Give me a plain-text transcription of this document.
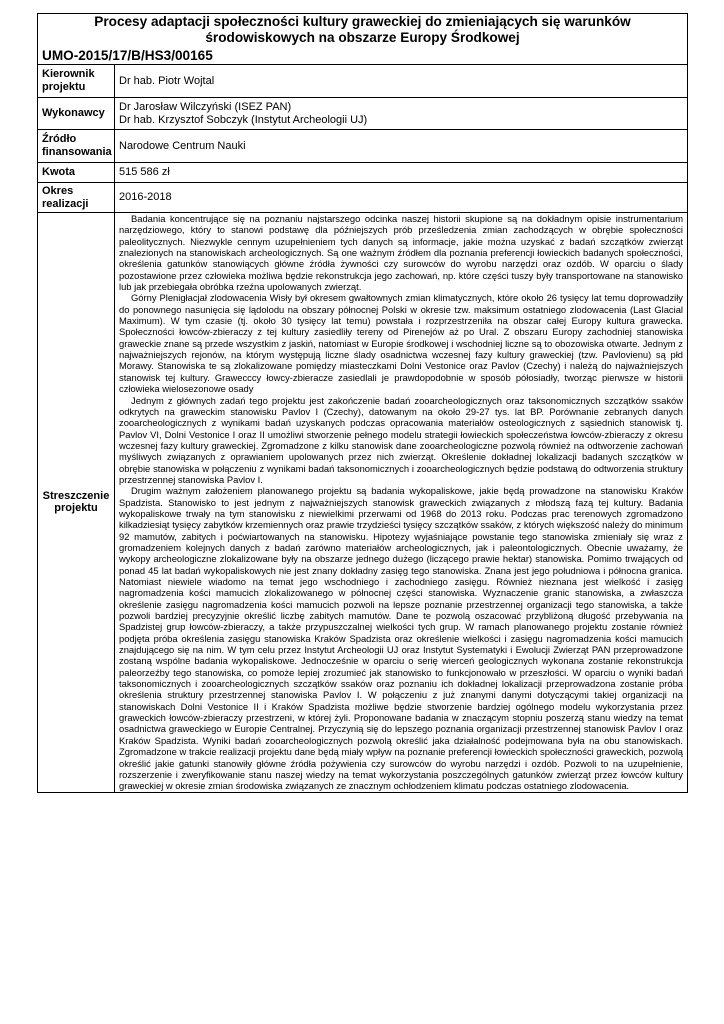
Procesy adaptacji społeczności kultury graweckiej do zmieniających się warunków środowiskowych na obszarze Europy Środkowej

UMO-2015/17/B/HS3/00165	

Kierownik projektu	Dr hab. Piotr Wojtal
Wykonawcy	Dr Jarosław Wilczyński (ISEZ PAN)
Dr hab. Krzysztof Sobczyk (Instytut Archeologii UJ)

Źródło finansowania	Narodowe Centrum Nauki
Kwota	515 586 zł
Okres realizacji	2016-2018
Streszczenie projektu	Badania koncentrujące się na poznaniu najstarszego odcinka naszej historii skupione są na dokładnym opisie instrumentarium narzędziowego, który to stanowi podstawę dla późniejszych prób prześledzenia zmian zachodzących w obrębie społeczności paleolitycznych. Niezwykle cennym uzupełnieniem tych danych są informacje, jakie można uzyskać z badań szczątków zwierząt znalezionych na stanowiskach archeologicznych. Są one ważnym źródłem dla poznania preferencji łowieckich badanych społeczności, określenia gatunków stanowiących główne źródła żywności czy surowców do wyrobu narzędzi oraz ozdób. W oparciu o ślady pozostawione przez człowieka możliwa będzie rekonstrukcja jego zachowań, np. które części tuszy były transportowane na stanowisko lub jak przebiegała obróbka rzeźna upolowanych zwierząt.

Górny Plenigłacjał zlodowacenia Wisły był okresem gwałtownych zmian klimatycznych, które około 26 tysięcy lat temu doprowadziły do ponownego nasunięcia się lądolodu na obszary północnej Polski w okresie tzw. maksimum ostatniego zlodowacenia (Last Glacial Maximum). W tym czasie (tj. około 30 tysięcy lat temu) powstała i rozprzestrzeniła na obszar całej Europy kultura grawecka. Społeczności łowców-zbieraczy z tej kultury zasiedliły tereny od Pirenejów aż po Ural. Z obszaru Europy zachodniej stanowiska graweckie znane są przede wszystkim z jaskiń, natomiast w Europie środkowej i wschodniej liczne są to obozowiska otwarte. Jednym z najważniejszych rejonów, na którym występują liczne ślady osadnictwa wczesnej fazy kultury graweckiej (tzw. Pavlovienu) są płd Morawy. Stanowiska te są zlokalizowane pomiędzy miasteczkami Dolni Vestonice oraz Pavlov (Czechy) i należą do najważniejszych stanowisk tej kultury. Grawecccy łowcy-zbieracze zasiedlali je prawdopodobnie w sposób półosiadły, tworząc pierwsze w historii człowieka wielosezonowe osady

Jednym z głównych zadań tego projektu jest zakończenie badań zooarcheologicznych oraz taksonomicznych szczątków ssaków odkrytych na graweckim stanowisku Pavlov I (Czechy), datowanym na około 29-27 tys. lat BP. Porównanie zebranych danych zooarcheologicznych z wynikami badań uzyskanych podczas opracowania materiałów osteologicznych z sąsiednich stanowisk tj. Pavlov VI, Dolni Vestonice I oraz II umożliwi stworzenie pełnego modelu strategii łowieckich społeczeństwa łowców-zbieraczy z okresu wczesnej fazy kultury graweckiej. Zgromadzone z kilku stanowisk dane zooarcheologiczne pozwolą również na odtworzenie zachowań myśliwych związanych z oprawianiem upolowanych przez nich zwierząt. Określenie dokładnej lokalizacji badanych szczątków w obrębie stanowiska w połączeniu z wynikami badań taksonomicznych i zooarcheologicznych będzie podstawą do odtworzenia struktury przestrzennej stanowiska Pavlov I.

Drugim ważnym założeniem planowanego projektu są badania wykopaliskowe, jakie będą prowadzone na stanowisku Kraków Spadzista. Stanowisko to jest jednym z najważniejszych stanowisk graweckich związanych z młodszą fazą tej kultury. Badania wykopaliskowe trwały na tym stanowisku z niewielkimi przerwami od 1968 do 2013 roku. Podczas prac terenowych zgromadzono kilkadziesiąt tysięcy zabytków krzemiennych oraz prawie trzydzieści tysięcy szczątków ssaków, z których większość należy do minimum 92 mamutów, zabitych i poćwiartowanych na stanowisku. Hipotezy wyjaśniające powstanie tego stanowiska zmieniały się wraz z gromadzeniem kolejnych danych z badań zarówno materiałów archeologicznych, jak i paleontologicznych. Obecnie uważamy, że wykopy archeologiczne zlokalizowane były na obszarze jednego dużego (liczącego prawie hektar) stanowiska. Pomimo trwających od ponad 45 lat badań wykopaliskowych nie jest znany dokładny zasięg tego stanowiska. Znana jest jego południowa i północna granica. Natomiast niewiele wiadomo na temat jego wschodniego i zachodniego zasięgu. Również nieznana jest wielkość i zasięg nagromadzenia kości mamucich zlokalizowanego w północnej części stanowiska. Wyznaczenie granic stanowiska, a zwłaszcza określenie zasięgu nagromadzenia kości mamucich pozwoli na lepsze poznanie przestrzennej organizacji tego stanowiska, a także pozwoli bardziej precyzyjnie określić liczbę zabitych mamutów. Dane te pozwolą oszacować przybliżoną długość przebywania na Spadzistej grup łowców-zbieraczy, a także przypuszczalnej wielkości tych grup. W ramach planowanego projektu zostanie również podjęta próba określenia zasięgu stanowiska Kraków Spadzista oraz określenie wielkości i zasięgu nagromadzenia kości mamucich znajdującego się na nim. W tym celu przez Instytut Archeologii UJ oraz Instytut Systematyki i Ewolucji Zwierząt PAN przeprowadzone zostaną wspólne badania wykopaliskowe. Jednocześnie w oparciu o serię wierceń geologicznych wykonana zostanie rekonstrukcja paleorzeźby tego stanowiska, co pomoże lepiej zrozumieć jak stanowisko to funkcjonowało w przeszłości. W oparciu o wyniki badań taksonomicznych i zooarcheologicznych szczątków ssaków oraz poznaniu ich dokładnej lokalizacji przeprowadzona zostanie próba określenia struktury przestrzennej stanowiska Pavlov I. W połączeniu z już znanymi danymi dotyczącymi takiej organizacji na stanowiskach Dolni Vestonice II i Kraków Spadzista możliwe będzie stworzenie bardziej ogólnego modelu wykorzystania przez graweckich łowców-zbieraczy przestrzeni, w której żyli. Proponowane badania w znaczącym stopniu poszerzą stanu wiedzy na temat osadnictwa graweckiego w Europie Centralnej. Przyczynią się do lepszego poznania organizacji przestrzennej stanowisk Pavlov I oraz Kraków Spadzista. Wyniki badań zooarcheologicznych pozwolą określić jaka działalność podejmowana była na obu stanowiskach. Zgromadzone w trakcie realizacji projektu dane będą miały wpływ na poznanie preferencji łowieckich społeczności graweckich, pozwolą określić jakie gatunki stanowiły główne źródła pożywienia czy surowców do wyrobu narzędzi i ozdób. Pozwoli to na uzupełnienie, rozszerzenie i zweryfikowanie stanu naszej wiedzy na temat wykorzystania poszczególnych gatunków zwierząt przez łowców kultury graweckiej w okresie zmian środowiska związanych ze znacznym ochłodzeniem klimatu podczas ostatniego zlodowacenia.
